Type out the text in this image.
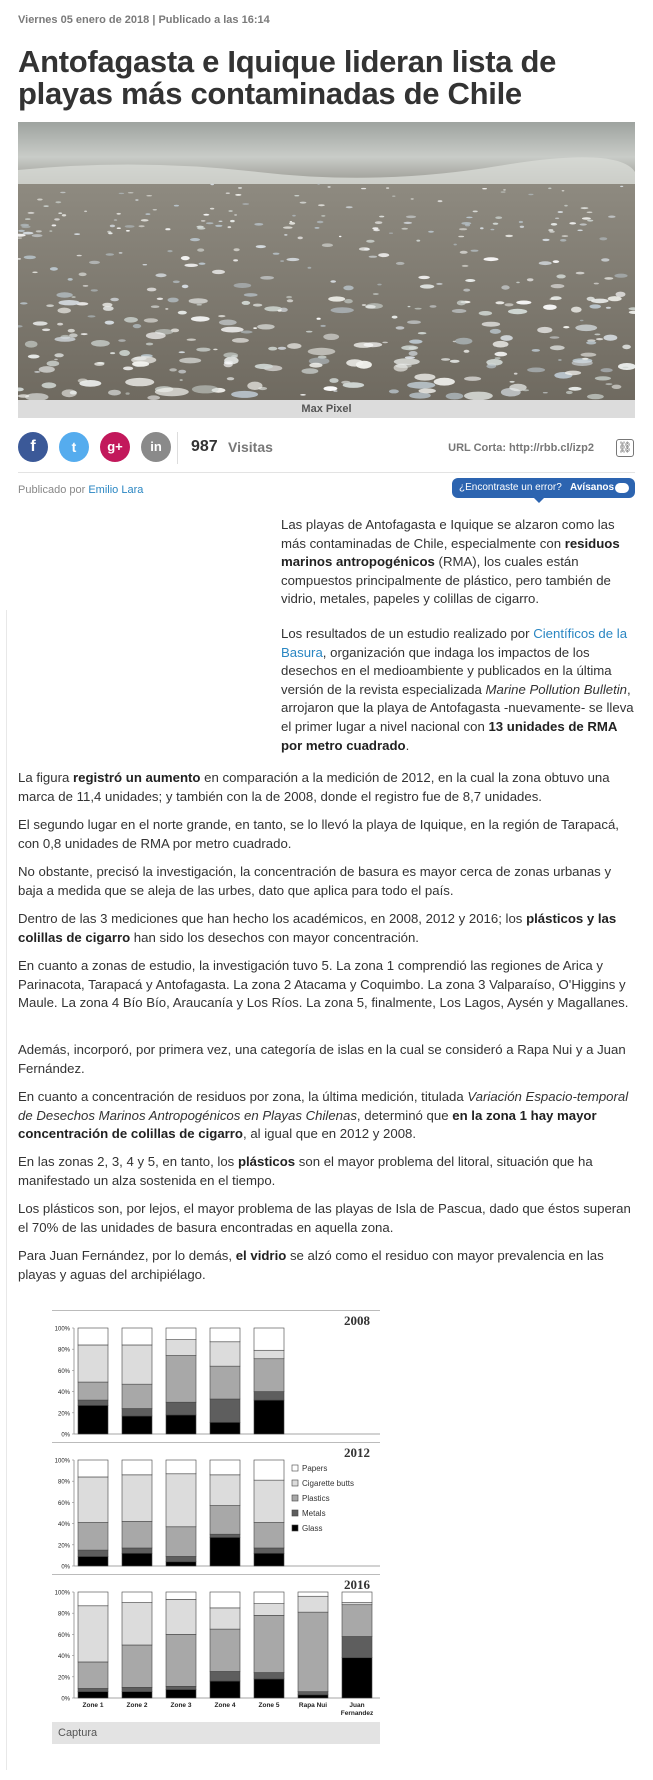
Viernes 05 enero de 2018 | Publicado a las 16:14
Antofagasta e Iquique lideran lista de playas más contaminadas de Chile
Max Pixel
f	t	g+	in	987 Visitas	URL Corta: http://rbb.cl/izp2 ⛓
Publicado por Emilio Lara	¿Encontraste un error? Avísanos

Las playas de Antofagasta e Iquique se alzaron como las más contaminadas de Chile, especialmente con residuos marinos antropogénicos (RMA), los cuales están compuestos principalmente de plástico, pero también de vidrio, metales, papeles y colillas de cigarro.

Los resultados de un estudio realizado por Científicos de la Basura, organización que indaga los impactos de los desechos en el medioambiente y publicados en la última versión de la revista especializada Marine Pollution Bulletin, arrojaron que la playa de Antofagasta -nuevamente- se lleva el primer lugar a nivel nacional con 13 unidades de RMA por metro cuadrado.

La figura registró un aumento en comparación a la medición de 2012, en la cual la zona obtuvo una marca de 11,4 unidades; y también con la de 2008, donde el registro fue de 8,7 unidades.

El segundo lugar en el norte grande, en tanto, se lo llevó la playa de Iquique, en la región de Tarapacá, con 0,8 unidades de RMA por metro cuadrado.

No obstante, precisó la investigación, la concentración de basura es mayor cerca de zonas urbanas y baja a medida que se aleja de las urbes, dato que aplica para todo el país.

Dentro de las 3 mediciones que han hecho los académicos, en 2008, 2012 y 2016; los plásticos y las colillas de cigarro han sido los desechos con mayor concentración.

En cuanto a zonas de estudio, la investigación tuvo 5. La zona 1 comprendió las regiones de Arica y Parinacota, Tarapacá y Antofagasta. La zona 2 Atacama y Coquimbo. La zona 3 Valparaíso, O'Higgins y Maule. La zona 4 Bío Bío, Araucanía y Los Ríos. La zona 5, finalmente, Los Lagos, Aysén y Magallanes.

Además, incorporó, por primera vez, una categoría de islas en la cual se consideró a Rapa Nui y a Juan Fernández.

En cuanto a concentración de residuos por zona, la última medición, titulada Variación Espacio-temporal de Desechos Marinos Antropogénicos en Playas Chilenas, determinó que en la zona 1 hay mayor concentración de colillas de cigarro, al igual que en 2012 y 2008.

En las zonas 2, 3, 4 y 5, en tanto, los plásticos son el mayor problema del litoral, situación que ha manifestado un alza sostenida en el tiempo.

Los plásticos son, por lejos, el mayor problema de las playas de Isla de Pascua, dado que éstos superan el 70% de las unidades de basura encontradas en aquella zona.

Para Juan Fernández, por lo demás, el vidrio se alzó como el residuo con mayor prevalencia en las playas y aguas del archipiélago.

2008
0%
20%
40%
60%
80%
100%
2012
0%
20%
40%
60%
80%
100%
Papers
Cigarette butts
Plastics
Metals
Glass
2016
0%
20%
40%
60%
80%
100%
Zone 1	Zone 2	Zone 3	Zone 4	Zone 5	Rapa Nui	Juan
Fernandez
Captura
